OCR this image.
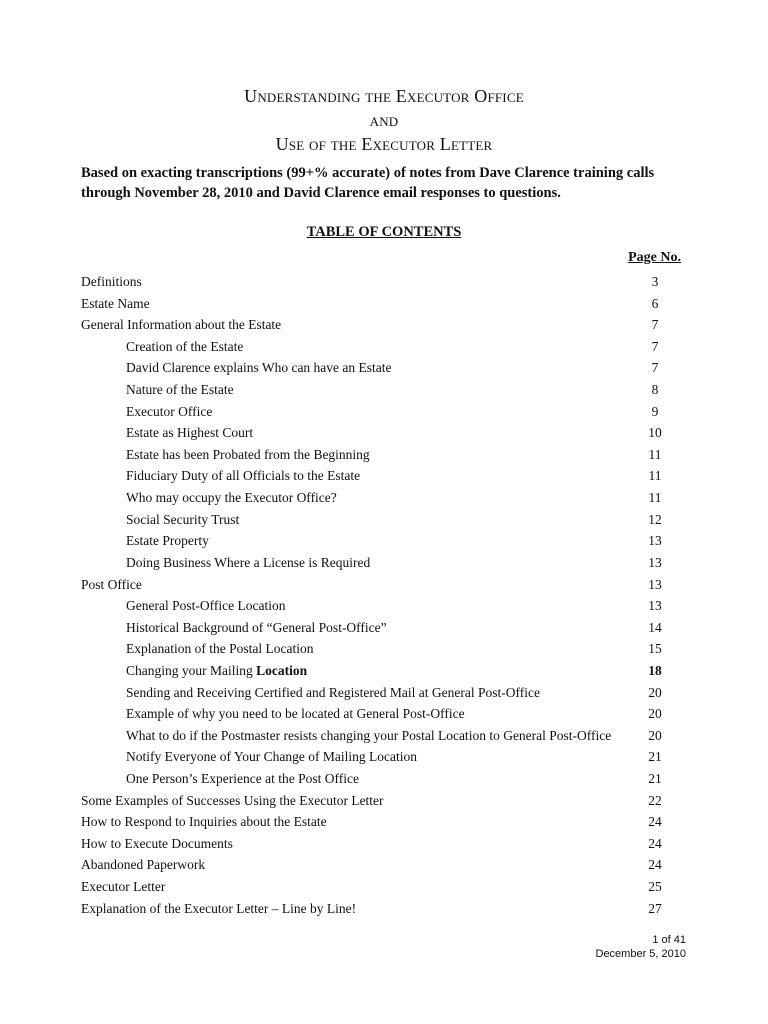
Understanding the Executor Office
and
Use of the Executor Letter
Based on exacting transcriptions (99+% accurate) of notes from Dave Clarence training calls through November 28, 2010 and David Clarence email responses to questions.
TABLE OF CONTENTS
Page No.
Definitions	3
Estate Name	6
General Information about the Estate	7
Creation of the Estate	7
David Clarence explains Who can have an Estate	7
Nature of the Estate	8
Executor Office	9
Estate as Highest Court	10
Estate has been Probated from the Beginning	11
Fiduciary Duty of all Officials to the Estate	11
Who may occupy the Executor Office?	11
Social Security Trust	12
Estate Property	13
Doing Business Where a License is Required	13
Post Office	13
General Post-Office Location	13
Historical Background of “General Post-Office”	14
Explanation of the Postal Location	15
Changing your Mailing Location	18
Sending and Receiving Certified and Registered Mail at General Post-Office	20
Example of why you need to be located at General Post-Office	20
What to do if the Postmaster resists changing your Postal Location to General Post-Office	20
Notify Everyone of Your Change of Mailing Location	21
One Person’s Experience at the Post Office	21
Some Examples of Successes Using the Executor Letter	22
How to Respond to Inquiries about the Estate	24
How to Execute Documents	24
Abandoned Paperwork	24
Executor Letter	25
Explanation of the Executor Letter – Line by Line!	27
1 of 41
December 5, 2010
